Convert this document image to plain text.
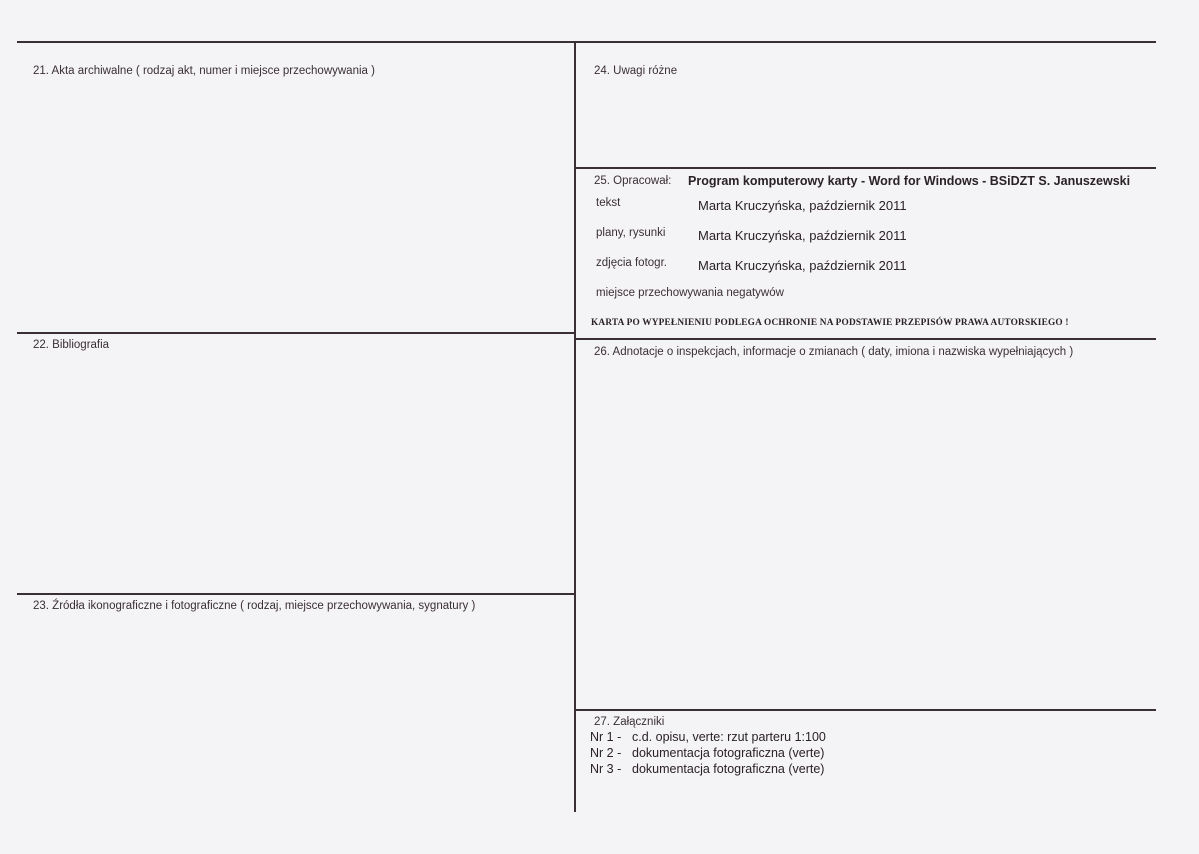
21. Akta archiwalne ( rodzaj akt, numer i miejsce przechowywania )
22. Bibliografia
23. Źródła ikonograficzne i fotograficzne ( rodzaj, miejsce przechowywania, sygnatury )
24. Uwagi różne
25. Opracował: Program komputerowy karty - Word for Windows - BSiDZT S. Januszewski
tekst	Marta Kruczyńska, październik 2011
plany, rysunki	Marta Kruczyńska, październik 2011
zdjęcia fotogr. Marta Kruczyńska, październik 2011
miejsce przechowywania negatywów
KARTA PO WYPEŁNIENIU PODLEGA OCHRONIE NA PODSTAWIE PRZEPISÓW PRAWA AUTORSKIEGO !
26. Adnotacje o inspekcjach, informacje o zmianach ( daty, imiona i nazwiska wypełniających )
27. Załączniki
Nr 1 - c.d. opisu, verte: rzut parteru 1:100
Nr 2 - dokumentacja fotograficzna (verte)
Nr 3 - dokumentacja fotograficzna (verte)
